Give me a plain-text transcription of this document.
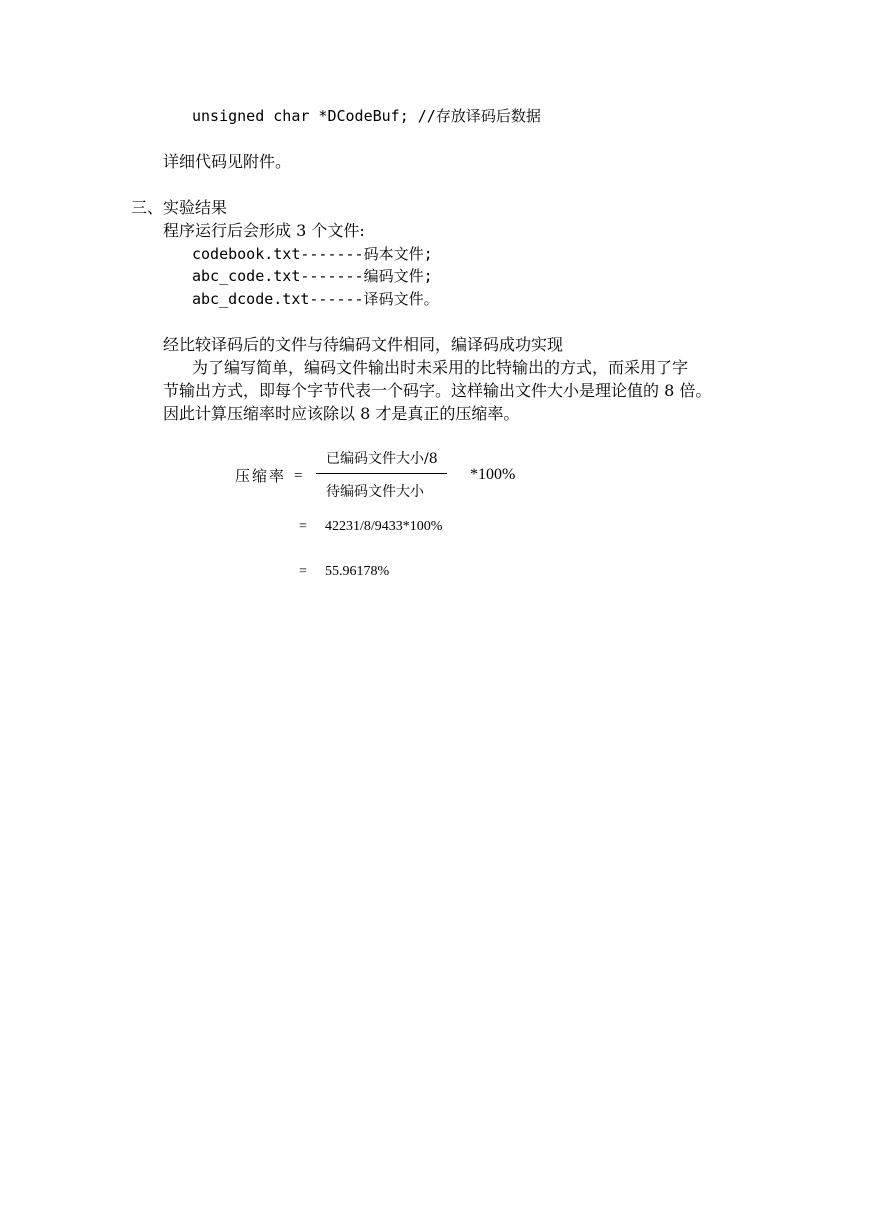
unsigned char *DCodeBuf; //存放译码后数据
详细代码见附件。
三、实验结果
程序运行后会形成 3 个文件:
codebook.txt-------码本文件;
abc_code.txt-------编码文件;
abc_dcode.txt------译码文件。
经比较译码后的文件与待编码文件相同，编译码成功实现
为了编写简单，编码文件输出时未采用的比特输出的方式，而采用了字
节输出方式，即每个字节代表一个码字。这样输出文件大小是理论值的 8 倍。
因此计算压缩率时应该除以 8 才是真正的压缩率。
压缩率 =
已编码文件大小/8
待编码文件大小
*100%
= 42231/8/9433*100%
= 55.96178%
